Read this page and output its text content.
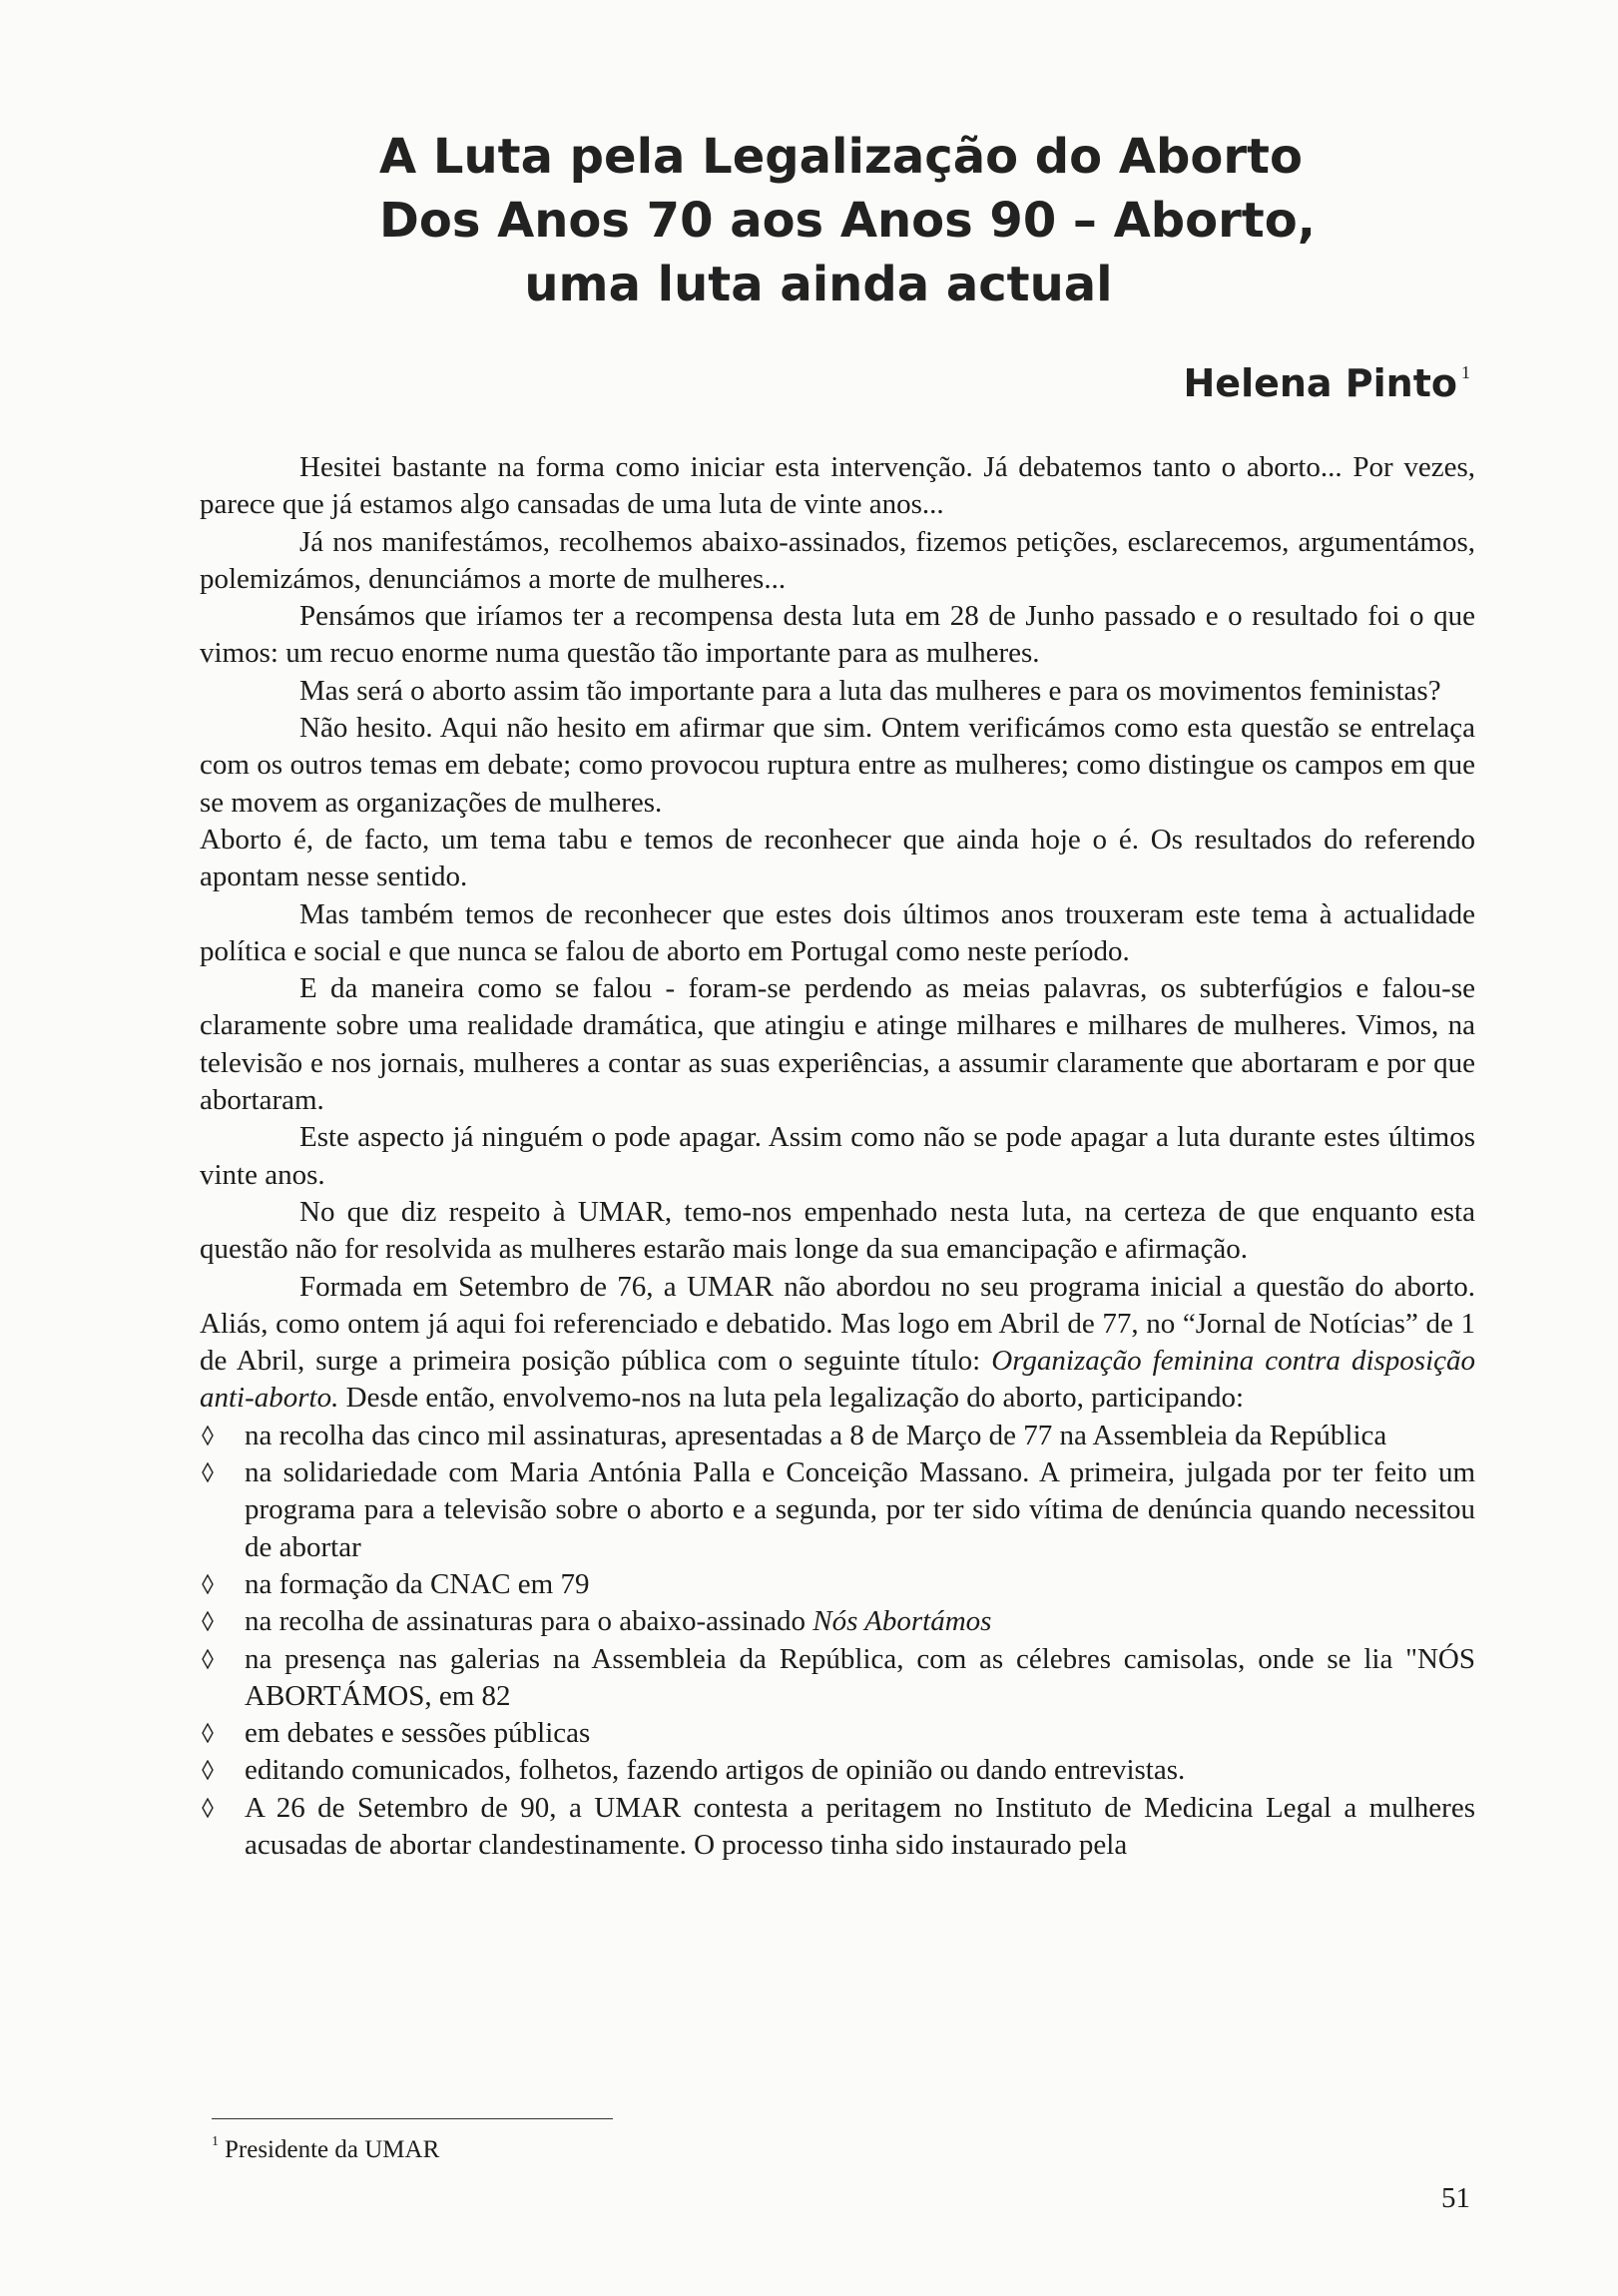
A Luta pela Legalização do Aborto
Dos Anos 70 aos Anos 90 – Aborto,
uma luta ainda actual
Helena Pinto $^1$

Hesitei bastante na forma como iniciar esta intervenção. Já debatemos tanto o aborto... Por vezes, parece que já estamos algo cansadas de uma luta de vinte anos...

Já nos manifestámos, recolhemos abaixo-assinados, fizemos petições, esclarecemos, argumentámos, polemizámos, denunciámos a morte de mulheres...

Pensámos que iríamos ter a recompensa desta luta em 28 de Junho passado e o resultado foi o que vimos: um recuo enorme numa questão tão importante para as mulheres.

Mas será o aborto assim tão importante para a luta das mulheres e para os movimentos feministas?

Não hesito. Aqui não hesito em afirmar que sim. Ontem verificámos como esta questão se entrelaça com os outros temas em debate; como provocou ruptura entre as mulheres; como distingue os campos em que se movem as organizações de mulheres.

Aborto é, de facto, um tema tabu e temos de reconhecer que ainda hoje o é. Os resultados do referendo apontam nesse sentido.

Mas também temos de reconhecer que estes dois últimos anos trouxeram este tema à actualidade política e social e que nunca se falou de aborto em Portugal como neste período.

E da maneira como se falou - foram-se perdendo as meias palavras, os subterfúgios e falou-se claramente sobre uma realidade dramática, que atingiu e atinge milhares e milhares de mulheres. Vimos, na televisão e nos jornais, mulheres a contar as suas experiências, a assumir claramente que abortaram e por que abortaram.

Este aspecto já ninguém o pode apagar. Assim como não se pode apagar a luta durante estes últimos vinte anos.

No que diz respeito à UMAR, temo-nos empenhado nesta luta, na certeza de que enquanto esta questão não for resolvida as mulheres estarão mais longe da sua emancipação e afirmação.

Formada em Setembro de 76, a UMAR não abordou no seu programa inicial a questão do aborto. Aliás, como ontem já aqui foi referenciado e debatido. Mas logo em Abril de 77, no “Jornal de Notícias” de 1 de Abril, surge a primeira posição pública com o seguinte título: Organização feminina contra disposição anti-aborto. Desde então, envolvemo-nos na luta pela legalização do aborto, participando:

na recolha das cinco mil assinaturas, apresentadas a 8 de Março de 77 na Assembleia da República
na solidariedade com Maria Antónia Palla e Conceição Massano. A primeira, julgada por ter feito um programa para a televisão sobre o aborto e a segunda, por ter sido vítima de denúncia quando necessitou de abortar
na formação da CNAC em 79
na recolha de assinaturas para o abaixo-assinado Nós Abortámos
na presença nas galerias na Assembleia da República, com as célebres camisolas, onde se lia "NÓS ABORTÁMOS, em 82
em debates e sessões públicas
editando comunicados, folhetos, fazendo artigos de opinião ou dando entrevistas.
A 26 de Setembro de 90, a UMAR contesta a peritagem no Instituto de Medicina Legal a mulheres acusadas de abortar clandestinamente. O processo tinha sido instaurado pela
$^1$ Presidente da UMAR
51
